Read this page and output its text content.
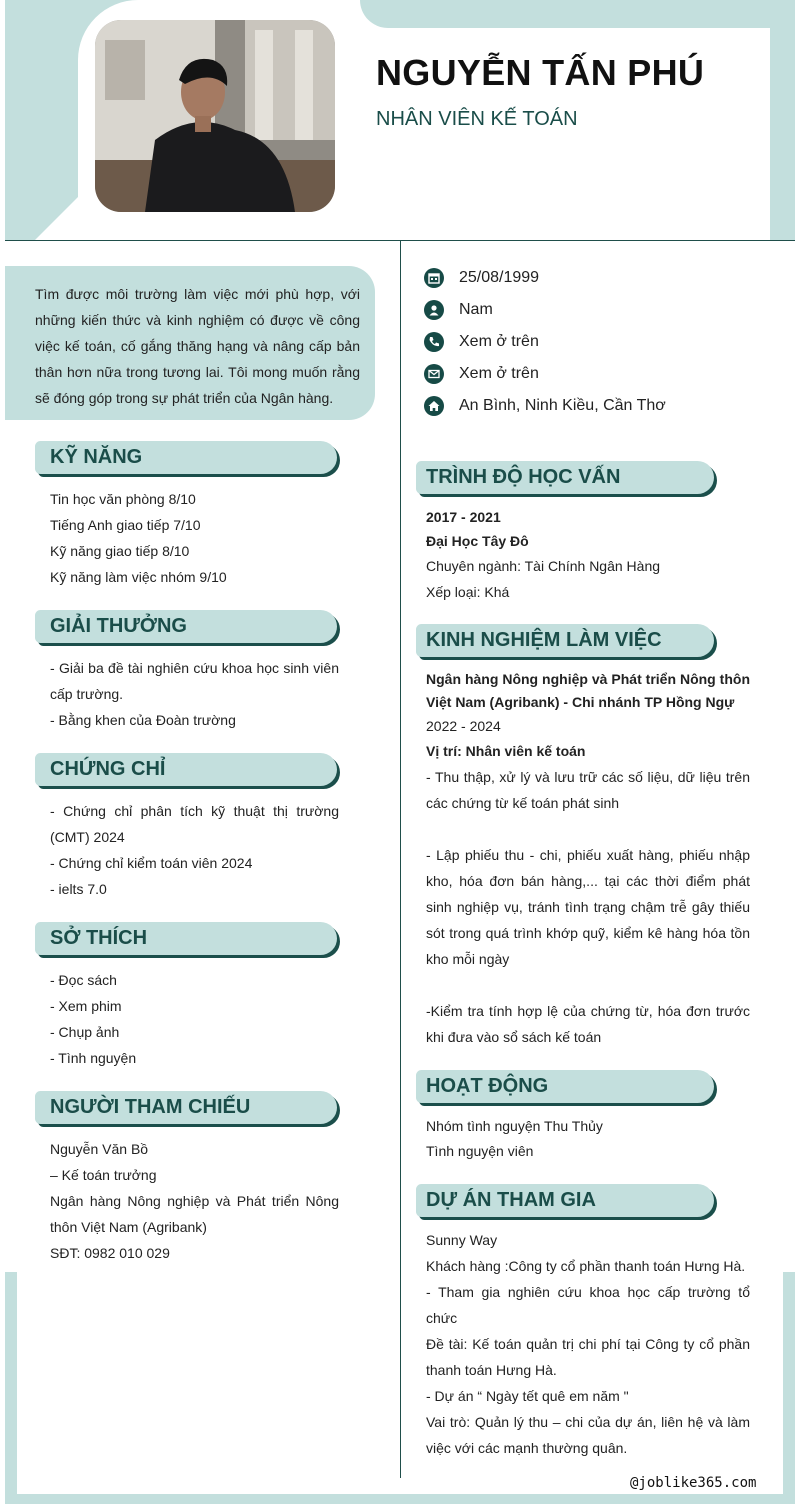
NGUYỄN TẤN PHÚ
NHÂN VIÊN KẾ TOÁN
Tìm được môi trường làm việc mới phù hợp, với những kiến thức và kinh nghiệm có được về công việc kế toán, cố gắng thăng hạng và nâng cấp bản thân hơn nữa trong tương lai. Tôi mong muốn rằng sẽ đóng góp trong sự phát triển của Ngân hàng.
25/08/1999
Nam
Xem ở trên
Xem ở trên
An Bình, Ninh Kiều, Cần Thơ
KỸ NĂNG
Tin học văn phòng 8/10
Tiếng Anh giao tiếp 7/10
Kỹ năng giao tiếp 8/10
Kỹ năng làm việc nhóm 9/10
GIẢI THƯỞNG
- Giải ba đề tài nghiên cứu khoa học sinh viên cấp trường.
- Bằng khen của Đoàn trường
CHỨNG CHỈ
- Chứng chỉ phân tích kỹ thuật thị trường (CMT) 2024
- Chứng chỉ kiểm toán viên 2024
- ielts 7.0
SỞ THÍCH
- Đọc sách
- Xem phim
- Chụp ảnh
- Tình nguyện
NGƯỜI THAM CHIẾU
Nguyễn Văn Bồ
– Kế toán trưởng
Ngân hàng Nông nghiệp và Phát triển Nông thôn Việt Nam (Agribank)
SĐT: 0982 010 029
TRÌNH ĐỘ HỌC VẤN
2017 - 2021
Đại Học Tây Đô
Chuyên ngành: Tài Chính Ngân Hàng
Xếp loại: Khá
KINH NGHIỆM LÀM VIỆC
Ngân hàng Nông nghiệp và Phát triển Nông thôn Việt Nam (Agribank) - Chi nhánh TP Hồng Ngự
2022 - 2024
Vị trí: Nhân viên kế toán
- Thu thập, xử lý và lưu trữ các số liệu, dữ liệu trên các chứng từ kế toán phát sinh
- Lập phiếu thu - chi, phiếu xuất hàng, phiếu nhập kho, hóa đơn bán hàng,... tại các thời điểm phát sinh nghiệp vụ, tránh tình trạng chậm trễ gây thiếu sót trong quá trình khớp quỹ, kiểm kê hàng hóa tồn kho mỗi ngày
-Kiểm tra tính hợp lệ của chứng từ, hóa đơn trước khi đưa vào sổ sách kế toán
HOẠT ĐỘNG
Nhóm tình nguyện Thu Thủy
Tình nguyện viên
DỰ ÁN THAM GIA
Sunny Way
Khách hàng :Công ty cổ phần thanh toán Hưng Hà.
- Tham gia nghiên cứu khoa học cấp trường tổ chức
Đề tài: Kế toán quản trị chi phí tại Công ty cổ phần thanh toán Hưng Hà.
- Dự án “ Ngày tết quê em năm "
Vai trò: Quản lý thu – chi của dự án, liên hệ và làm việc với các mạnh thường quân.
@joblike365.com
